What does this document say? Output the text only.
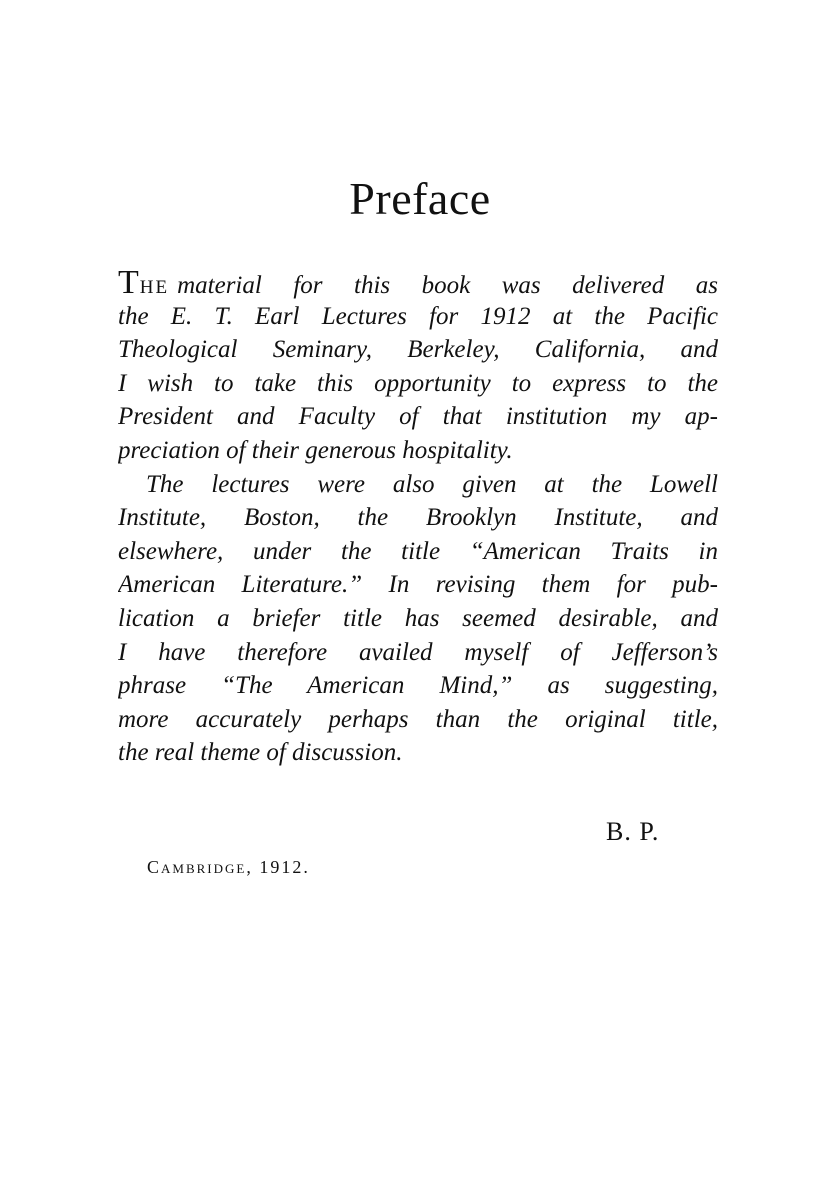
Preface
THE material for this book was delivered as
the E. T. Earl Lectures for 1912 at the Pacific
Theological Seminary, Berkeley, California, and
I wish to take this opportunity to express to the
President and Faculty of that institution my ap-
preciation of their generous hospitality.
The lectures were also given at the Lowell
Institute, Boston, the Brooklyn Institute, and
elsewhere, under the title “American Traits in
American Literature.” In revising them for pub-
lication a briefer title has seemed desirable, and
I have therefore availed myself of Jefferson’s
phrase “The American Mind,” as suggesting,
more accurately perhaps than the original title,
the real theme of discussion.
B. P.
Cambridge, 1912.
